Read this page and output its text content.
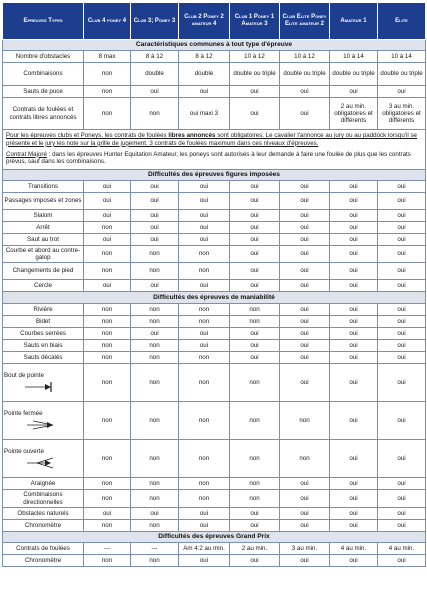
Epreuves Types	Club 4 poney 4	Club 3; Poney 3	Club 2 Poney 2 amateur 4	Club 1 Poney 1 Amateur 3	Club Elite Poney Elite amateur 2	Amateur 1	Elite
Caractéristiques communes à tout type d'épreuve							
Nombre d'obstacles	8 max	8 à 12	8 à 12	10 à 12	10 à 12	10 à 14	10 à 14
Combinaisons	non	double	double	double ou triple	double ou triple	double ou triple	double ou triple
Sauts de puce	non	oui	oui	oui	oui	oui	oui
Contrats de foulées et contrats libres annoncés	non	non	oui maxi 3	oui	oui	2 au min. obligatoires et différents	3 au min. obligatoires et différents
Pour les épreuves clubs et Poneys, les contrats de foulées libres annoncés sont obligatoires. Le cavalier l'annonce au jury ou au paddock lorsqu'il se présente et le jury les note sur la grille de jugement. 3 contrats de foulées maximum dans ces niveaux d'épreuves.							
Contrat Majoré : dans les épreuves Hunter Equitation Amateur, les poneys sont autorisés à leur demande à faire une foulée de plus que les contrats prévus, sauf dans les combinaisons.							
Difficultés des épreuves figures imposées							
Transitions	oui	oui	oui	oui	oui	oui	oui
Passages imposés et zones	oui	oui	oui	oui	oui	oui	oui
Slalom	oui	oui	oui	oui	oui	oui	oui
Arrêt	non	oui	oui	oui	oui	oui	oui
Saut au trot	oui	oui	oui	oui	oui	oui	oui
Courbe et abord au contre-galop	non	non	non	oui	oui	oui	oui
Changements de pied	non	non	non	oui	oui	oui	oui
Cercle	oui	oui	oui	oui	oui	oui	oui
Difficultés des épreuves de maniabilité							
Rivière	non	non	non	non	oui	oui	oui
Bidet	non	non	non	non	oui	oui	oui
Courbes serrées	non	oui	oui	oui	oui	oui	oui
Sauts en biais	non	non	oui	oui	oui	oui	oui
Sauts décalés	non	non	non	oui	oui	oui	oui

Bout de pointe	non	non	non	non	oui	oui	oui

Pointe fermée	non	non	non	non	non	oui	oui

Pointe ouverte	non	non	non	non	non	oui	oui
Araignée	non	non	non	non	oui	oui	oui
Combinaisons directionnelles	non	non	non	non	oui	oui	oui
Obstacles naturels	oui	oui	oui	oui	oui	oui	oui
Chronomètre	non	non	oui	oui	oui	oui	oui
Difficultés des épreuves Grand Prix							
Contrats de foulées	---	---	Am 4:2 au min.	2 au min.	3 au min.	4 au min.	4 au min.
Chronomètre	non	non	oui	oui	oui	oui	oui
